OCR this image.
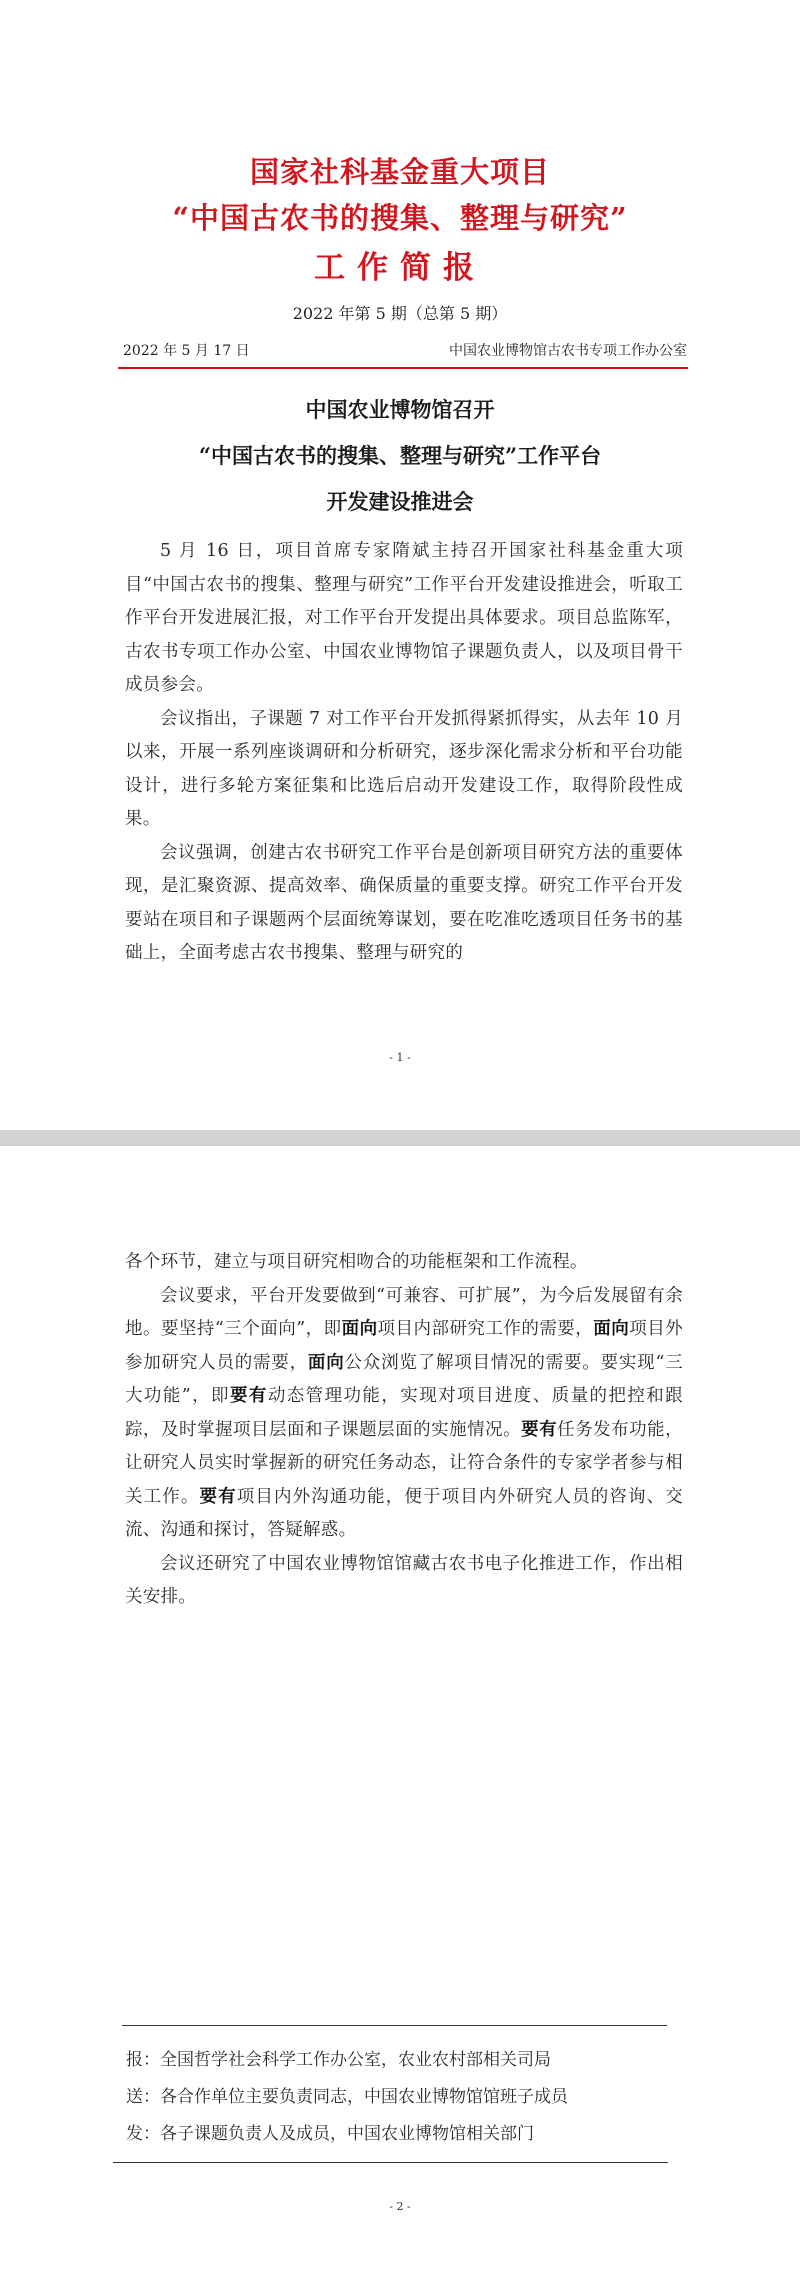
国家社科基金重大项目
“中国古农书的搜集、整理与研究”
工作简报
2022 年第 5 期（总第 5 期）
2022 年 5 月 17 日	中国农业博物馆古农书专项工作办公室
中国农业博物馆召开
“中国古农书的搜集、整理与研究”工作平台
开发建设推进会

5 月 16 日，项目首席专家隋斌主持召开国家社科基金重大项目“中国古农书的搜集、整理与研究”工作平台开发建设推进会，听取工作平台开发进展汇报，对工作平台开发提出具体要求。项目总监陈军，古农书专项工作办公室、中国农业博物馆子课题负责人，以及项目骨干成员参会。

会议指出，子课题 7 对工作平台开发抓得紧抓得实，从去年 10 月以来，开展一系列座谈调研和分析研究，逐步深化需求分析和平台功能设计，进行多轮方案征集和比选后启动开发建设工作，取得阶段性成果。

会议强调，创建古农书研究工作平台是创新项目研究方法的重要体现，是汇聚资源、提高效率、确保质量的重要支撑。研究工作平台开发要站在项目和子课题两个层面统筹谋划，要在吃准吃透项目任务书的基础上，全面考虑古农书搜集、整理与研究的

- 1 -

各个环节，建立与项目研究相吻合的功能框架和工作流程。

会议要求，平台开发要做到“可兼容、可扩展”，为今后发展留有余地。要坚持“三个面向”，即面向项目内部研究工作的需要，面向项目外参加研究人员的需要，面向公众浏览了解项目情况的需要。要实现“三大功能”，即要有动态管理功能，实现对项目进度、质量的把控和跟踪，及时掌握项目层面和子课题层面的实施情况。要有任务发布功能，让研究人员实时掌握新的研究任务动态，让符合条件的专家学者参与相关工作。要有项目内外沟通功能，便于项目内外研究人员的咨询、交流、沟通和探讨，答疑解惑。

会议还研究了中国农业博物馆馆藏古农书电子化推进工作，作出相关安排。

报：全国哲学社会科学工作办公室，农业农村部相关司局
送：各合作单位主要负责同志，中国农业博物馆馆班子成员
发：各子课题负责人及成员，中国农业博物馆相关部门
- 2 -
